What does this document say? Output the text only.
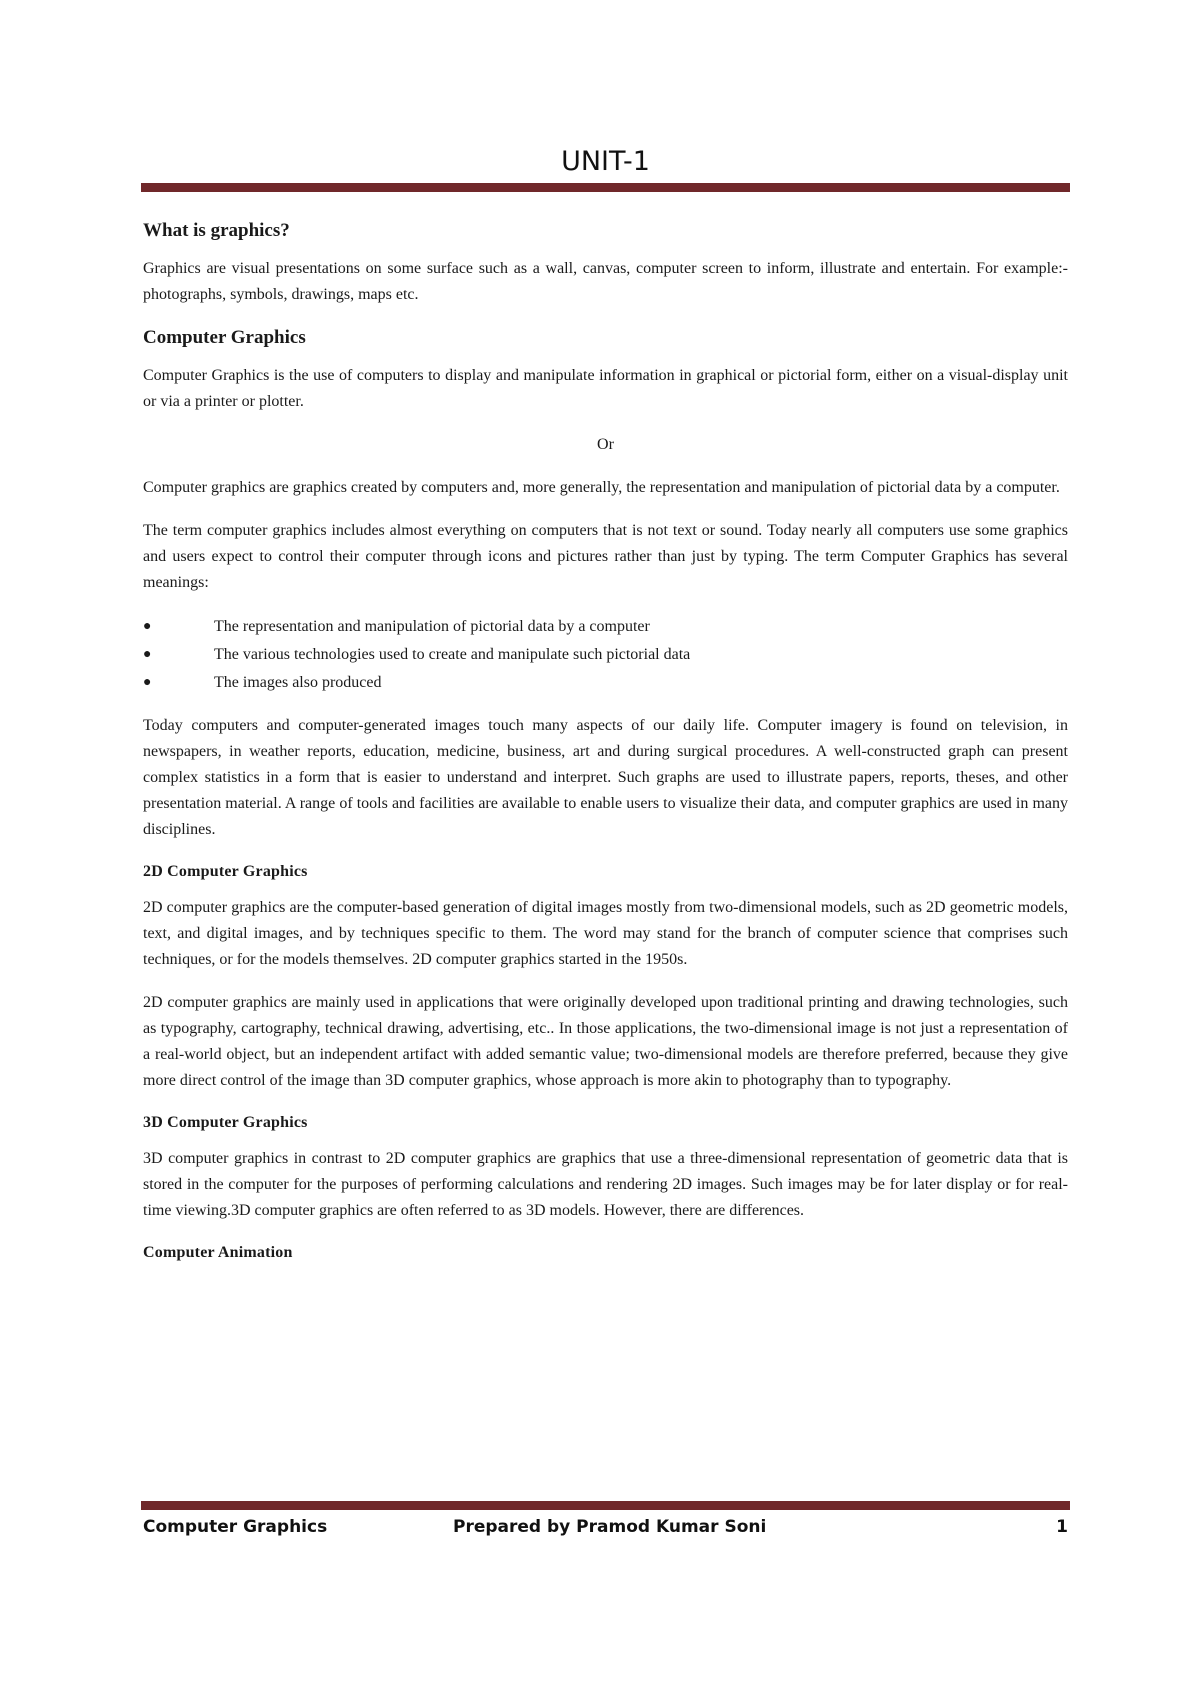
UNIT-1
What is graphics?

Graphics are visual presentations on some surface such as a wall, canvas, computer screen to inform, illustrate and entertain. For example:- photographs, symbols, drawings, maps etc.

Computer Graphics

Computer Graphics is the use of computers to display and manipulate information in graphical or pictorial form, either on a visual-display unit or via a printer or plotter.

Or

Computer graphics are graphics created by computers and, more generally, the representation and manipulation of pictorial data by a computer.

The term computer graphics includes almost everything on computers that is not text or sound. Today nearly all computers use some graphics and users expect to control their computer through icons and pictures rather than just by typing. The term Computer Graphics has several meanings:

●	The representation and manipulation of pictorial data by a computer
●	The various technologies used to create and manipulate such pictorial data
●	The images also produced

Today computers and computer-generated images touch many aspects of our daily life. Computer imagery is found on television, in newspapers, in weather reports, education, medicine, business, art and during surgical procedures. A well-constructed graph can present complex statistics in a form that is easier to understand and interpret. Such graphs are used to illustrate papers, reports, theses, and other presentation material. A range of tools and facilities are available to enable users to visualize their data, and computer graphics are used in many disciplines.

2D Computer Graphics

2D computer graphics are the computer-based generation of digital images mostly from two-dimensional models, such as 2D geometric models, text, and digital images, and by techniques specific to them. The word may stand for the branch of computer science that comprises such techniques, or for the models themselves. 2D computer graphics started in the 1950s.

2D computer graphics are mainly used in applications that were originally developed upon traditional printing and drawing technologies, such as typography, cartography, technical drawing, advertising, etc.. In those applications, the two-dimensional image is not just a representation of a real-world object, but an independent artifact with added semantic value; two-dimensional models are therefore preferred, because they give more direct control of the image than 3D computer graphics, whose approach is more akin to photography than to typography.

3D Computer Graphics

3D computer graphics in contrast to 2D computer graphics are graphics that use a three-dimensional representation of geometric data that is stored in the computer for the purposes of performing calculations and rendering 2D images. Such images may be for later display or for real-time viewing.3D computer graphics are often referred to as 3D models. However, there are differences.

Computer Animation
Computer Graphics	Prepared by Pramod Kumar Soni	1
